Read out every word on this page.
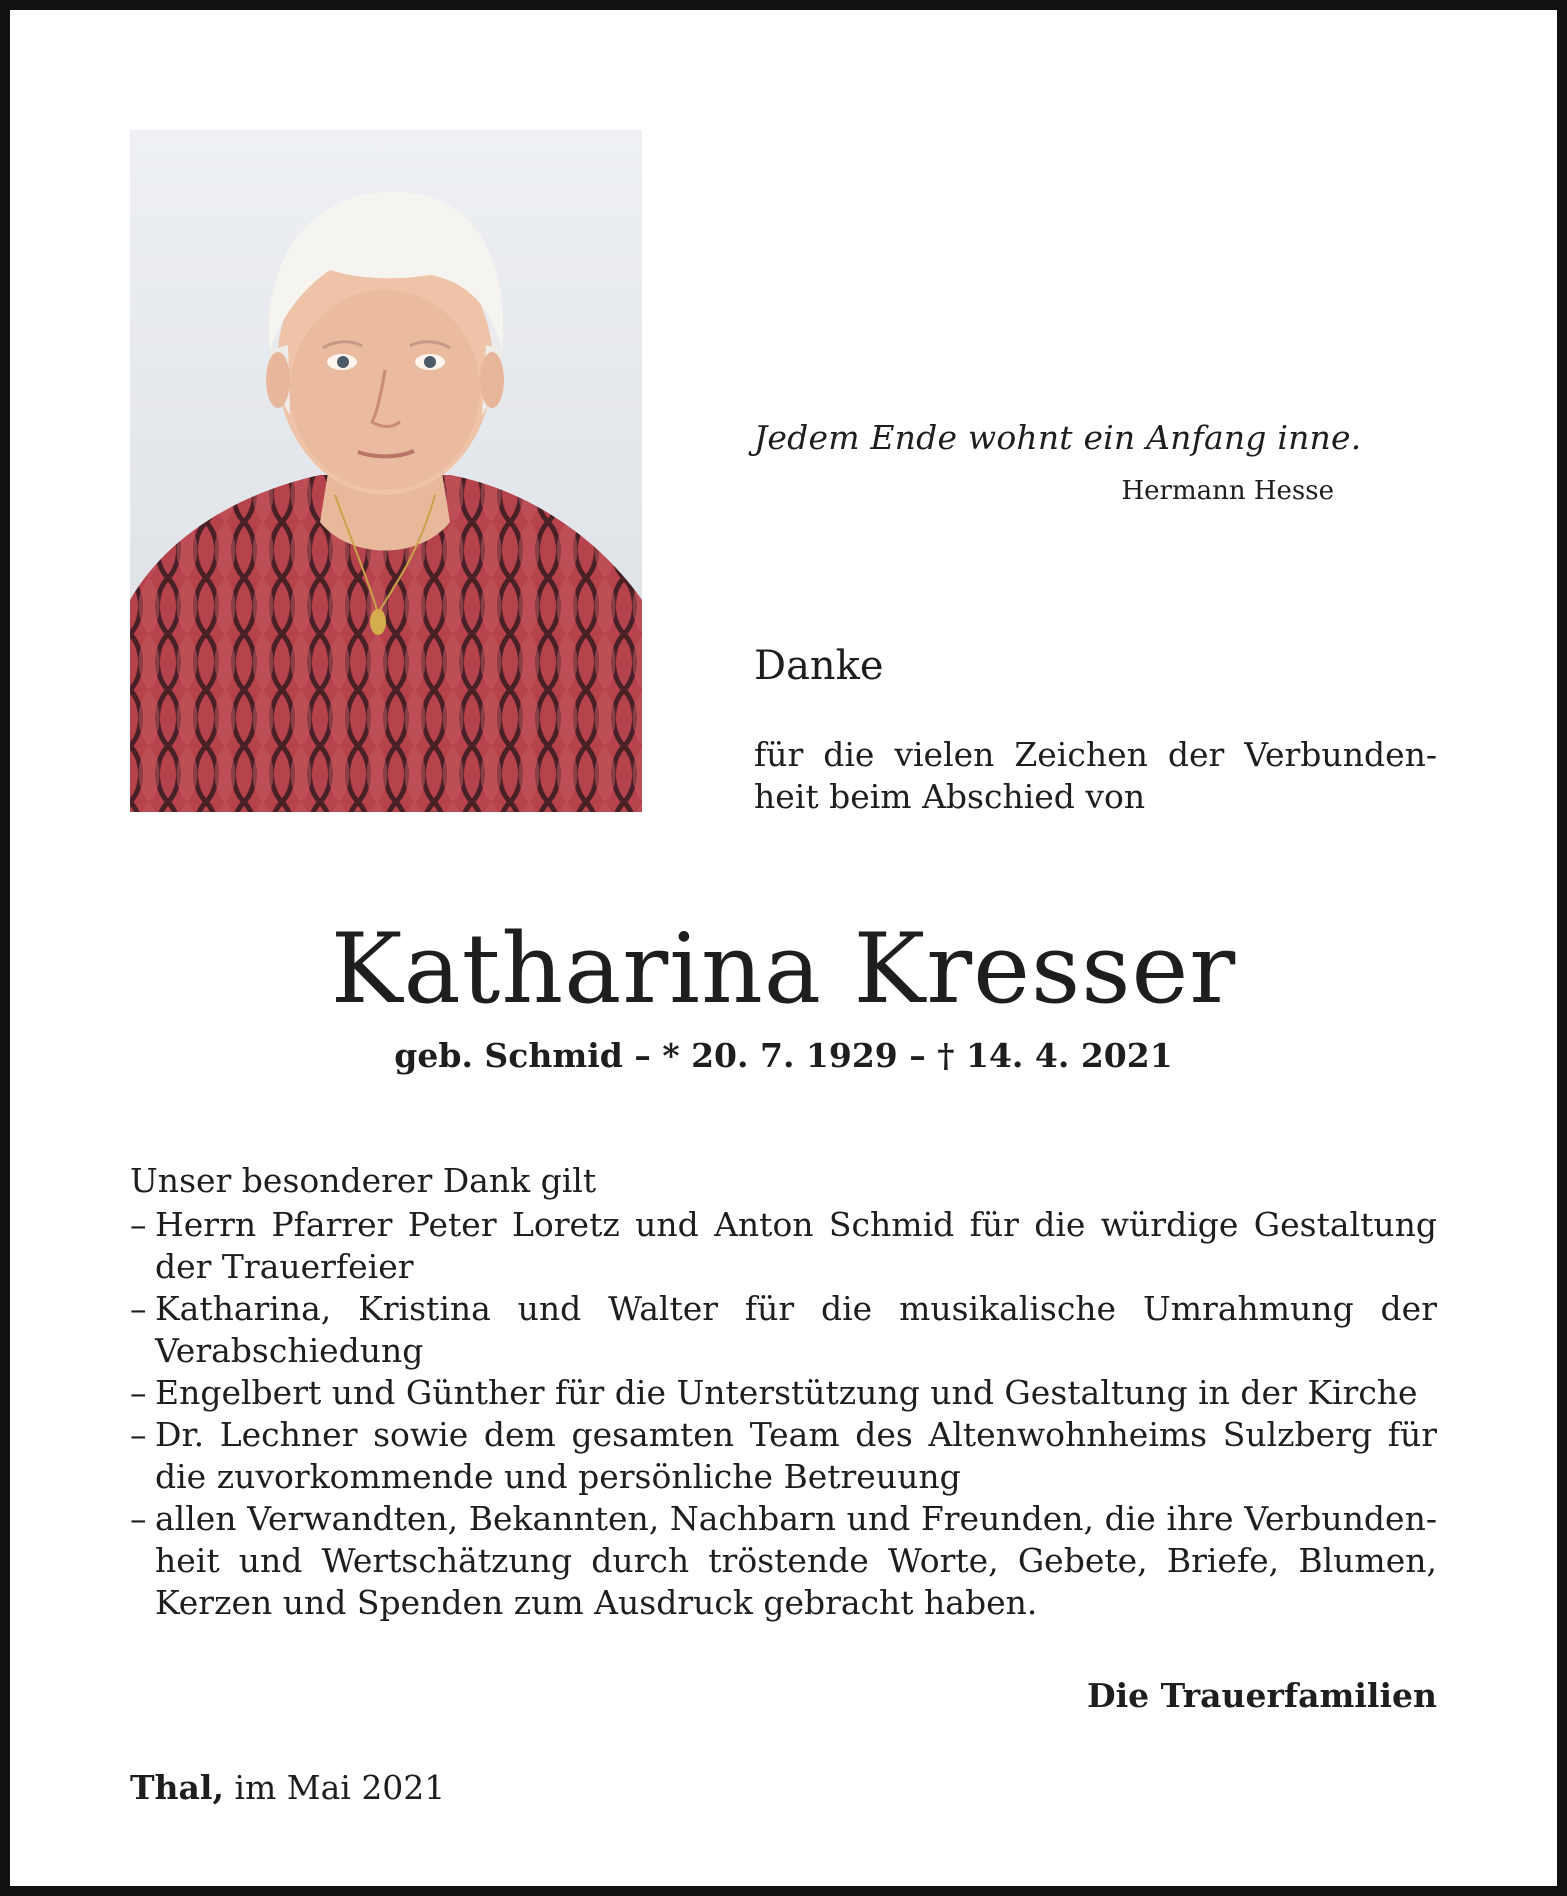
Jedem Ende wohnt ein Anfang inne.
Hermann Hesse
Danke
für die vielen Zeichen der Verbunden-
heit beim Abschied von
Katharina Kresser
geb. Schmid – * 20. 7. 1929 – † 14. 4. 2021
Unser besonderer Dank gilt
– Herrn Pfarrer Peter Loretz und Anton Schmid für die würdige Gestaltung der Trauerfeier
– Katharina, Kristina und Walter für die musikalische Umrahmung der Verabschiedung
– Engelbert und Günther für die Unterstützung und Gestaltung in der Kirche
– Dr. Lechner sowie dem gesamten Team des Altenwohnheims Sulzberg für die zuvorkommende und persönliche Betreuung
– allen Verwandten, Bekannten, Nachbarn und Freunden, die ihre Verbunden-heit und Wertschätzung durch tröstende Worte, Gebete, Briefe, Blumen, Kerzen und Spenden zum Ausdruck gebracht haben.
Die Trauerfamilien
Thal, im Mai 2021
